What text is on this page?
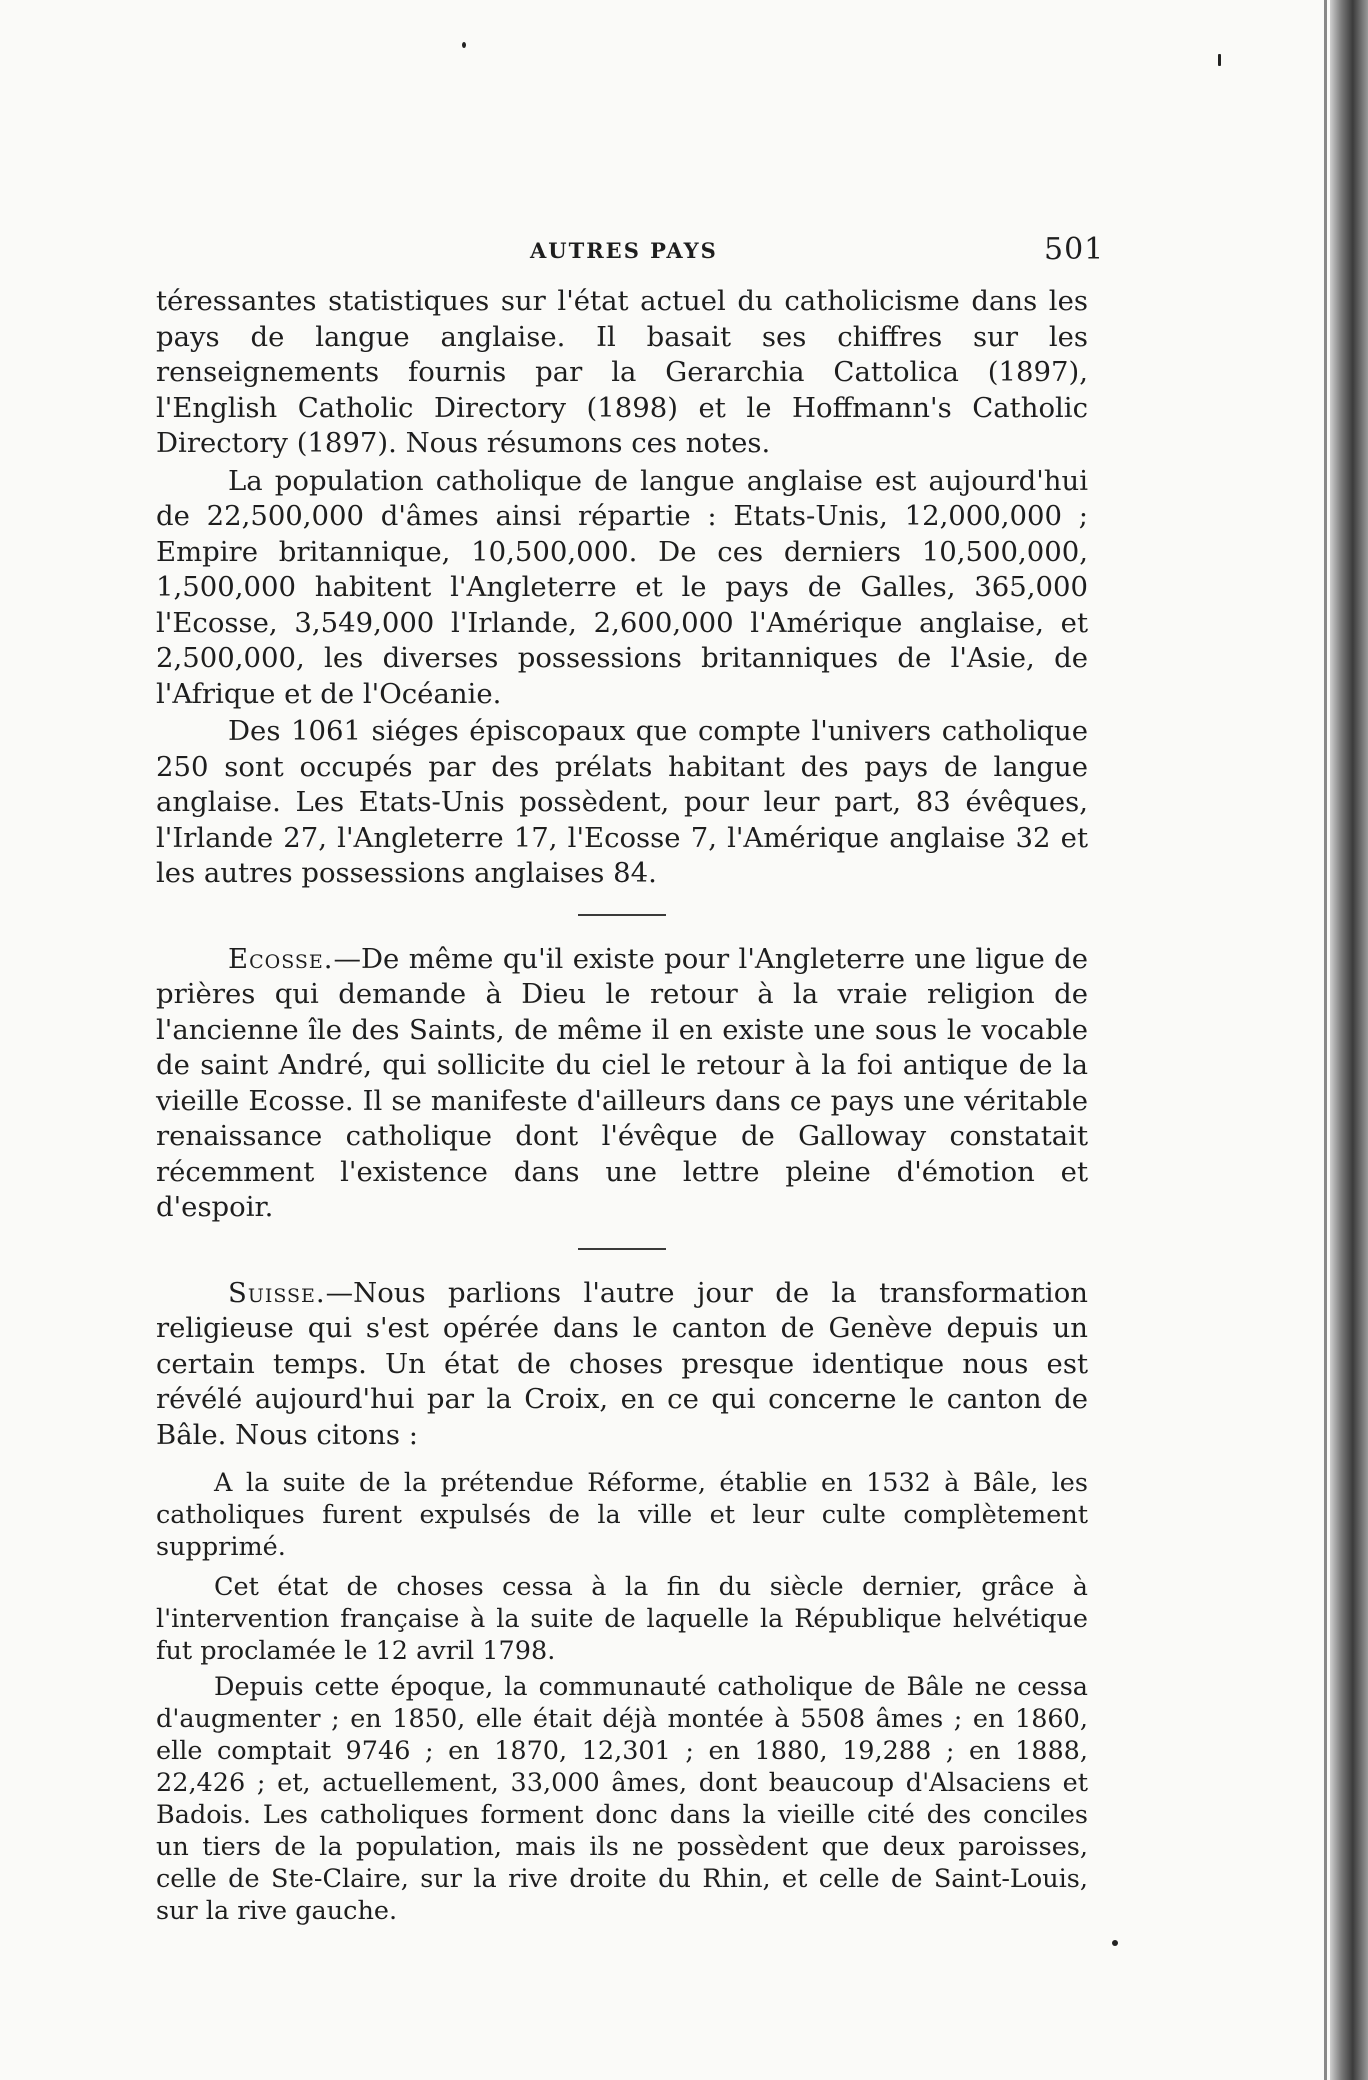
AUTRES PAYS	501

téressantes statistiques sur l'état actuel du catholicisme dans les pays de langue anglaise. Il basait ses chiffres sur les renseignements fournis par la Gerarchia Cattolica (1897), l'English Catholic Directory (1898) et le Hoffmann's Catholic Directory (1897). Nous résumons ces notes.

La population catholique de langue anglaise est aujourd'hui de 22,500,000 d'âmes ainsi répartie : Etats-Unis, 12,000,000 ; Empire britannique, 10,500,000. De ces derniers 10,500,000, 1,500,000 habitent l'Angleterre et le pays de Galles, 365,000 l'Ecosse, 3,549,000 l'Irlande, 2,600,000 l'Amérique anglaise, et 2,500,000, les diverses possessions britanniques de l'Asie, de l'Afrique et de l'Océanie.

Des 1061 siéges épiscopaux que compte l'univers catholique 250 sont occupés par des prélats habitant des pays de langue anglaise. Les Etats-Unis possèdent, pour leur part, 83 évêques, l'Irlande 27, l'Angleterre 17, l'Ecosse 7, l'Amérique anglaise 32 et les autres possessions anglaises 84.

Ecosse.—De même qu'il existe pour l'Angleterre une ligue de prières qui demande à Dieu le retour à la vraie religion de l'ancienne île des Saints, de même il en existe une sous le vocable de saint André, qui sollicite du ciel le retour à la foi antique de la vieille Ecosse. Il se manifeste d'ailleurs dans ce pays une véritable renaissance catholique dont l'évêque de Galloway constatait récemment l'existence dans une lettre pleine d'émotion et d'espoir.

Suisse.—Nous parlions l'autre jour de la transformation religieuse qui s'est opérée dans le canton de Genève depuis un certain temps. Un état de choses presque identique nous est révélé aujourd'hui par la Croix, en ce qui concerne le canton de Bâle. Nous citons :

A la suite de la prétendue Réforme, établie en 1532 à Bâle, les catholiques furent expulsés de la ville et leur culte complètement supprimé.

Cet état de choses cessa à la fin du siècle dernier, grâce à l'intervention française à la suite de laquelle la République helvétique fut proclamée le 12 avril 1798.

Depuis cette époque, la communauté catholique de Bâle ne cessa d'augmenter ; en 1850, elle était déjà montée à 5508 âmes ; en 1860, elle comptait 9746 ; en 1870, 12,301 ; en 1880, 19,288 ; en 1888, 22,426 ; et, actuellement, 33,000 âmes, dont beaucoup d'Alsaciens et Badois. Les catholiques forment donc dans la vieille cité des conciles un tiers de la population, mais ils ne possèdent que deux paroisses, celle de Ste-Claire, sur la rive droite du Rhin, et celle de Saint-Louis, sur la rive gauche.
